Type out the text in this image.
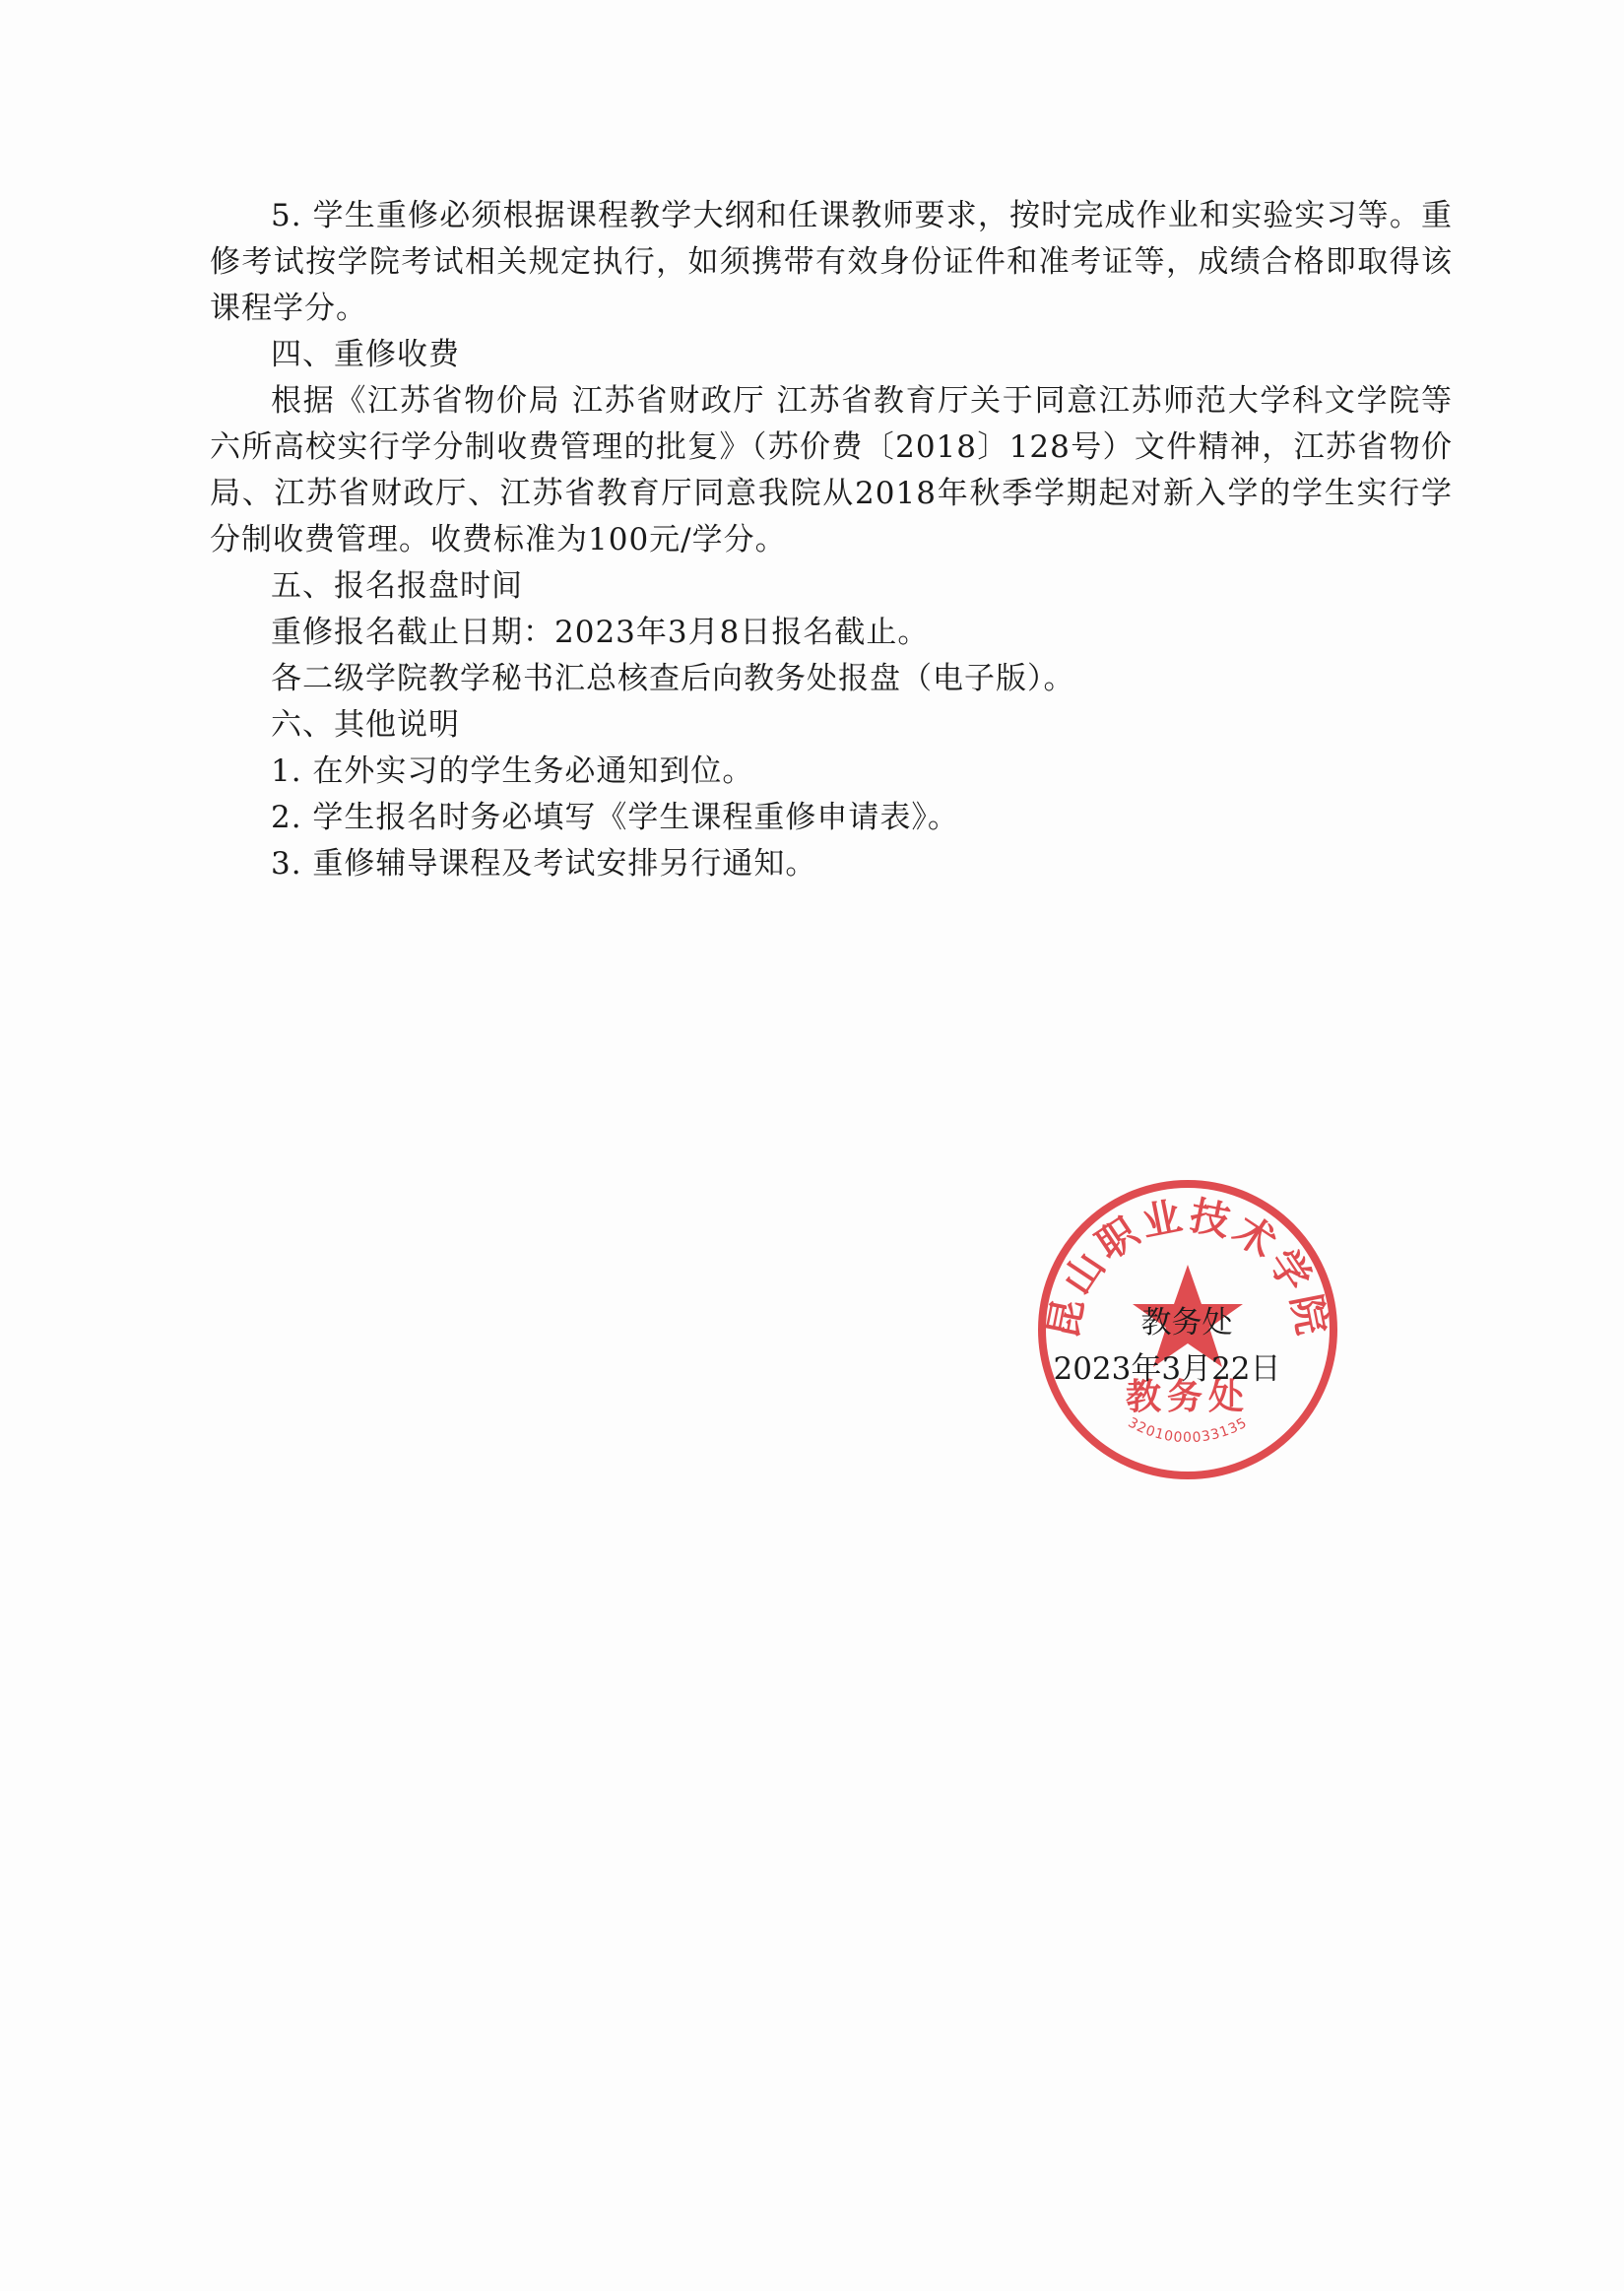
5. 学生重修必须根据课程教学大纲和任课教师要求，按时完成作业和实验实习等。重修考试按学院考试相关规定执行，如须携带有效身份证件和准考证等，成绩合格即取得该课程学分。

四、重修收费

根据《江苏省物价局 江苏省财政厅 江苏省教育厅关于同意江苏师范大学科文学院等六所高校实行学分制收费管理的批复》（苏价费〔2018〕128号）文件精神，江苏省物价局、江苏省财政厅、江苏省教育厅同意我院从2018年秋季学期起对新入学的学生实行学分制收费管理。收费标准为100元/学分。

五、报名报盘时间

重修报名截止日期：2023年3月8日报名截止。

各二级学院教学秘书汇总核查后向教务处报盘（电子版）。

六、其他说明

1. 在外实习的学生务必通知到位。

2. 学生报名时务必填写《学生课程重修申请表》。

3. 重修辅导课程及考试安排另行通知。

昆山职业技术学院
教务处
3201000033135

教务处

2023年3月22日
